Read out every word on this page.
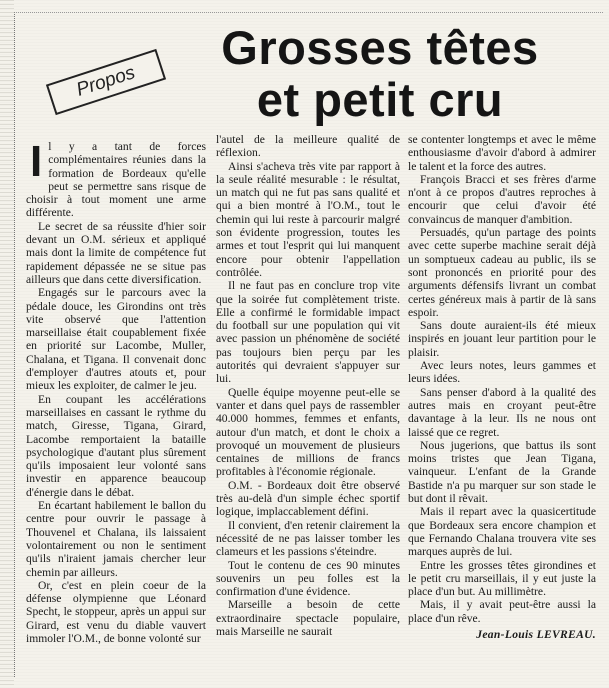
Propos
Grosses têtes
et petit cru

Il y a tant de forces complémentaires réunies dans la formation de Bordeaux qu'elle peut se permettre sans risque de choisir à tout moment une arme différente.

Le secret de sa réussite d'hier soir devant un O.M. sérieux et appliqué mais dont la limite de compétence fut rapidement dépassée ne se situe pas ailleurs que dans cette diversification.

Engagés sur le parcours avec la pédale douce, les Girondins ont très vite observé que l'attention marseillaise était coupablement fixée en priorité sur Lacombe, Muller, Chalana, et Tigana. Il convenait donc d'employer d'autres atouts et, pour mieux les exploiter, de calmer le jeu.

En coupant les accélérations marseillaises en cassant le rythme du match, Giresse, Tigana, Girard, Lacombe remportaient la bataille psychologique d'autant plus sûrement qu'ils imposaient leur volonté sans investir en apparence beaucoup d'énergie dans le débat.

En écartant habilement le ballon du centre pour ouvrir le passage à Thouvenel et Chalana, ils laissaient volontairement ou non le sentiment qu'ils n'iraient jamais chercher leur chemin par ailleurs.

Or, c'est en plein coeur de la défense olympienne que Léonard Specht, le stoppeur, après un appui sur Girard, est venu du diable vauvert immoler l'O.M., de bonne volonté sur

l'autel de la meilleure qualité de réflexion.

Ainsi s'acheva très vite par rapport à la seule réalité mesurable : le résultat, un match qui ne fut pas sans qualité et qui a bien montré à l'O.M., tout le chemin qui lui reste à parcourir malgré son évidente progression, toutes les armes et tout l'esprit qui lui manquent encore pour obtenir l'appellation contrôlée.

Il ne faut pas en conclure trop vite que la soirée fut complètement triste. Elle a confirmé le formidable impact du football sur une population qui vit avec passion un phénomène de société pas toujours bien perçu par les autorités qui devraient s'appuyer sur lui.

Quelle équipe moyenne peut-elle se vanter et dans quel pays de rassembler 40.000 hommes, femmes et enfants, autour d'un match, et dont le choix a provoqué un mouvement de plusieurs centaines de millions de francs profitables à l'économie régionale.

O.M. - Bordeaux doit être observé très au-delà d'un simple échec sportif logique, implaccablement défini.

Il convient, d'en retenir clairement la nécessité de ne pas laisser tomber les clameurs et les passions s'éteindre.

Tout le contenu de ces 90 minutes souvenirs un peu folles est la confirmation d'une évidence.

Marseille a besoin de cette extraordinaire spectacle populaire, mais Marseille ne saurait

se contenter longtemps et avec le même enthousiasme d'avoir d'abord à admirer le talent et la force des autres.

François Bracci et ses frères d'arme n'ont à ce propos d'autres reproches à encourir que celui d'avoir été convaincus de manquer d'ambition.

Persuadés, qu'un partage des points avec cette superbe machine serait déjà un somptueux cadeau au public, ils se sont prononcés en priorité pour des arguments défensifs livrant un combat certes généreux mais à partir de là sans espoir.

Sans doute auraient-ils été mieux inspirés en jouant leur partition pour le plaisir.

Avec leurs notes, leurs gammes et leurs idées.

Sans penser d'abord à la qualité des autres mais en croyant peut-être davantage à la leur. Ils ne nous ont laissé que ce regret.

Nous jugerions, que battus ils sont moins tristes que Jean Tigana, vainqueur. L'enfant de la Grande Bastide n'a pu marquer sur son stade le but dont il rêvait.

Mais il repart avec la quasicertitude que Bordeaux sera encore champion et que Fernando Chalana trouvera vite ses marques auprès de lui.

Entre les grosses têtes girondines et le petit cru marseillais, il y eut juste la place d'un but. Au millimètre.

Mais, il y avait peut-être aussi la place d'un rêve.

Jean-Louis LEVREAU.
